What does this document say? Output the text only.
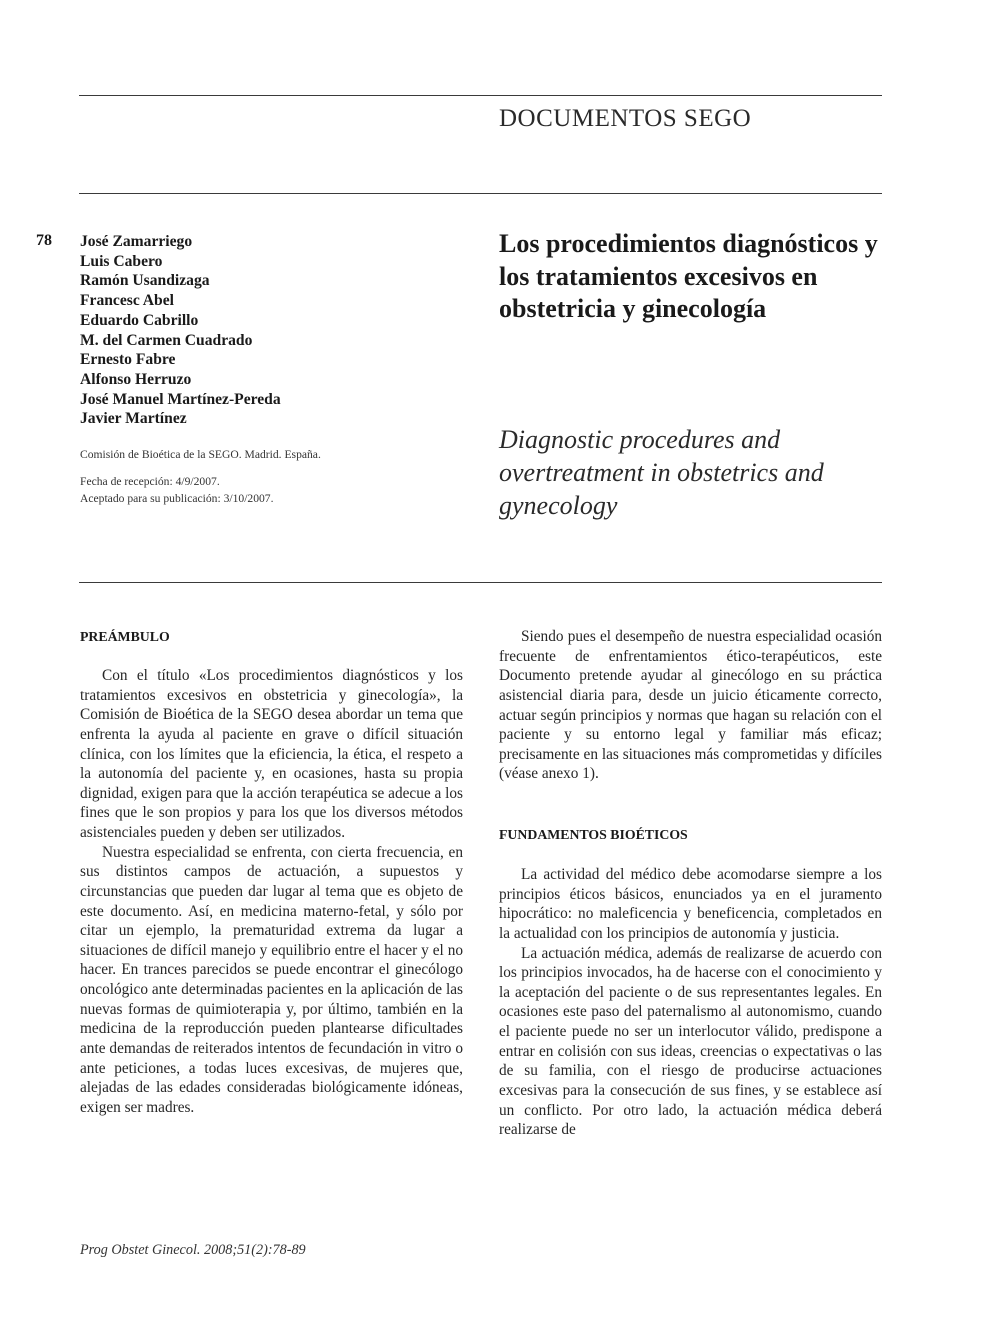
DOCUMENTOS SEGO
78 José Zamarriego
Luis Cabero
Ramón Usandizaga
Francesc Abel
Eduardo Cabrillo
M. del Carmen Cuadrado
Ernesto Fabre
Alfonso Herruzo
José Manuel Martínez-Pereda
Javier Martínez
Comisión de Bioética de la SEGO. Madrid. España.
Fecha de recepción: 4/9/2007.
Aceptado para su publicación: 3/10/2007.
Los procedimientos diagnósticos y los tratamientos excesivos en obstetricia y ginecología
Diagnostic procedures and overtreatment in obstetrics and gynecology
PREÁMBULO

Con el título «Los procedimientos diagnósticos y los tratamientos excesivos en obstetricia y ginecología», la Comisión de Bioética de la SEGO desea abordar un tema que enfrenta la ayuda al paciente en grave o difícil situación clínica, con los límites que la eficiencia, la ética, el respeto a la autonomía del paciente y, en ocasiones, hasta su propia dignidad, exigen para que la acción terapéutica se adecue a los fines que le son propios y para los que los diversos métodos asistenciales pueden y deben ser utilizados.

Nuestra especialidad se enfrenta, con cierta frecuencia, en sus distintos campos de actuación, a supuestos y circunstancias que pueden dar lugar al tema que es objeto de este documento. Así, en medicina materno-fetal, y sólo por citar un ejemplo, la prematuridad extrema da lugar a situaciones de difícil manejo y equilibrio entre el hacer y el no hacer. En trances parecidos se puede encontrar el ginecólogo oncológico ante determinadas pacientes en la aplicación de las nuevas formas de quimioterapia y, por último, también en la medicina de la reproducción pueden plantearse dificultades ante demandas de reiterados intentos de fecundación in vitro o ante peticiones, a todas luces excesivas, de mujeres que, alejadas de las edades consideradas biológicamente idóneas, exigen ser madres.

Siendo pues el desempeño de nuestra especialidad ocasión frecuente de enfrentamientos ético-terapéuticos, este Documento pretende ayudar al ginecólogo en su práctica asistencial diaria para, desde un juicio éticamente correcto, actuar según principios y normas que hagan su relación con el paciente y su entorno legal y familiar más eficaz; precisamente en las situaciones más comprometidas y difíciles (véase anexo 1).

FUNDAMENTOS BIOÉTICOS

La actividad del médico debe acomodarse siempre a los principios éticos básicos, enunciados ya en el juramento hipocrático: no maleficencia y beneficencia, completados en la actualidad con los principios de autonomía y justicia.

La actuación médica, además de realizarse de acuerdo con los principios invocados, ha de hacerse con el conocimiento y la aceptación del paciente o de sus representantes legales. En ocasiones este paso del paternalismo al autonomismo, cuando el paciente puede no ser un interlocutor válido, predispone a entrar en colisión con sus ideas, creencias o expectativas o las de su familia, con el riesgo de producirse actuaciones excesivas para la consecución de sus fines, y se establece así un conflicto. Por otro lado, la actuación médica deberá realizarse de

Prog Obstet Ginecol. 2008;51(2):78-89
